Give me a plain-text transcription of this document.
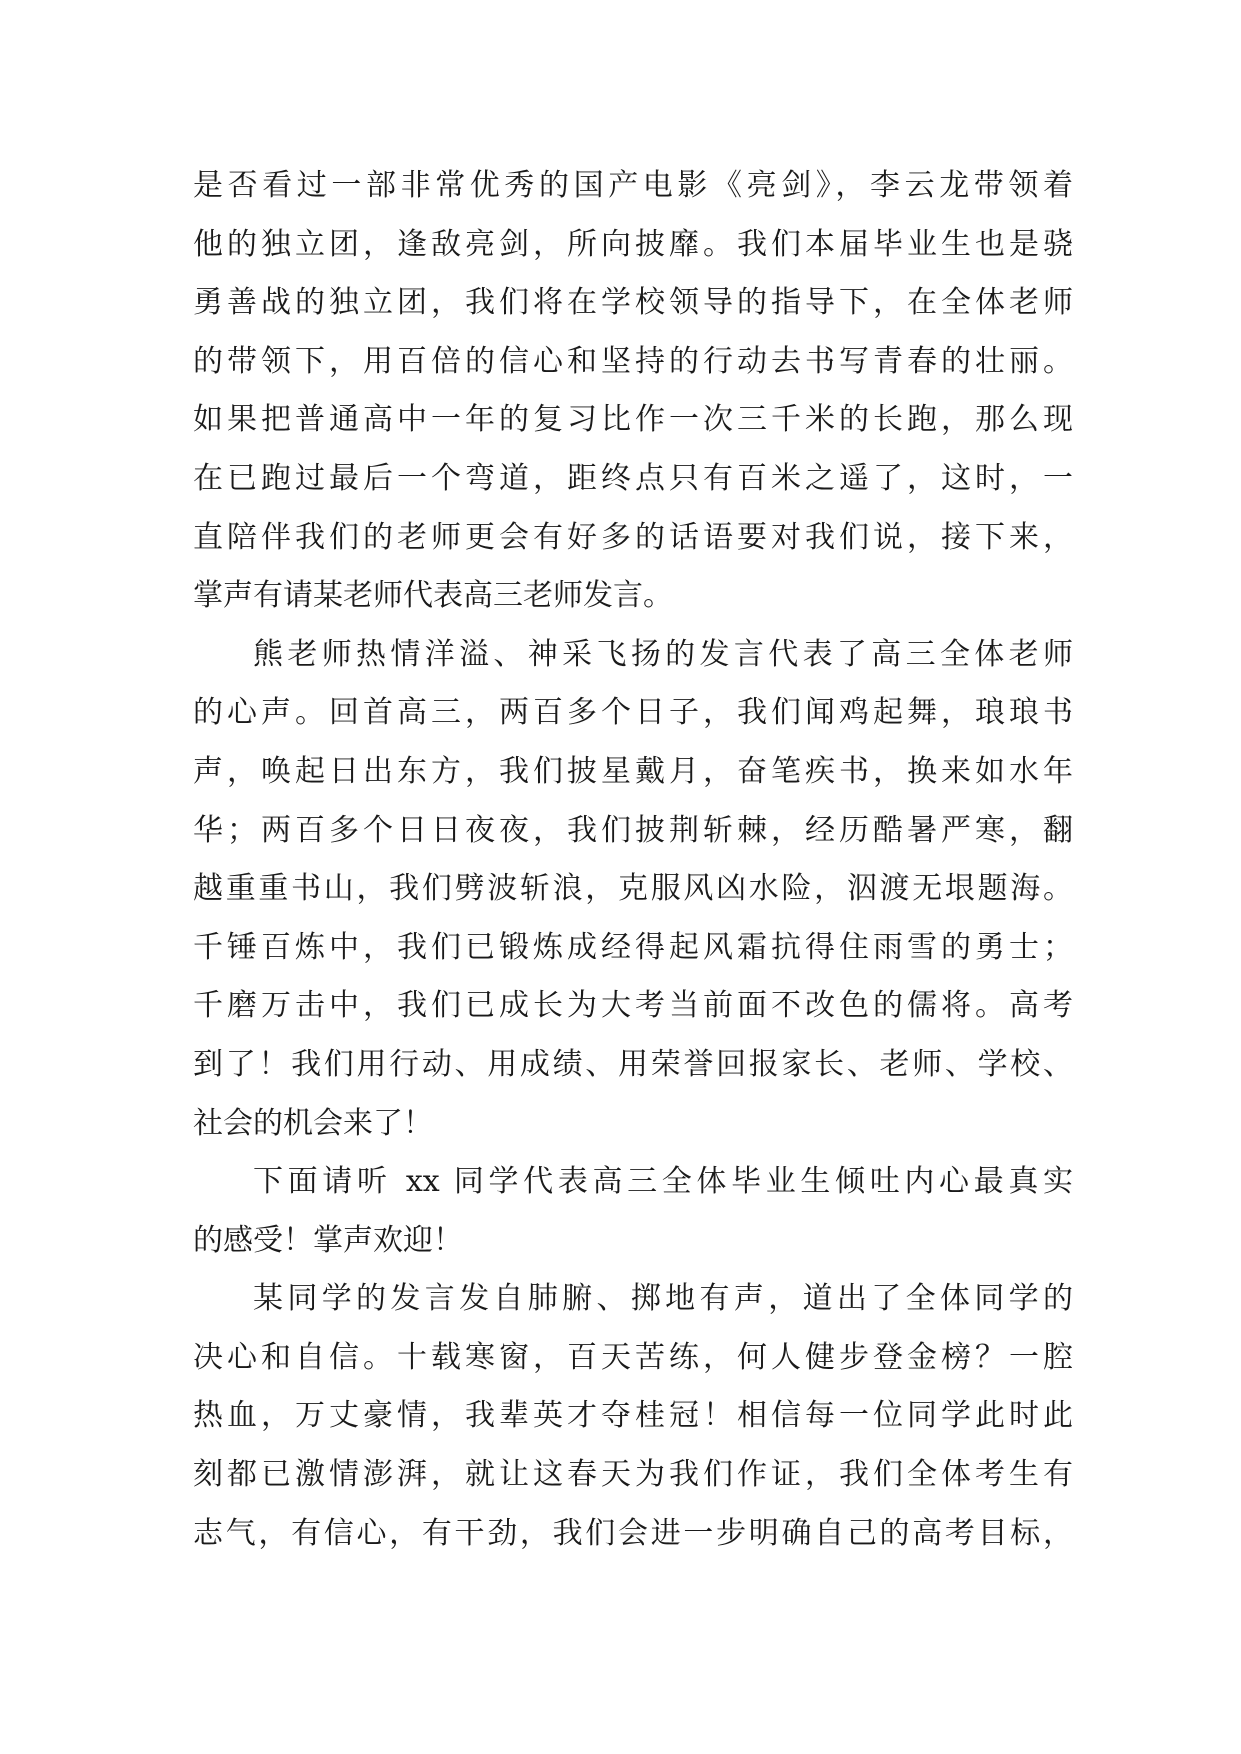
是否看过一部非常优秀的国产电影《亮剑》，李云龙带领着
他的独立团，逢敌亮剑，所向披靡。我们本届毕业生也是骁
勇善战的独立团，我们将在学校领导的指导下，在全体老师
的带领下，用百倍的信心和坚持的行动去书写青春的壮丽。
如果把普通高中一年的复习比作一次三千米的长跑，那么现
在已跑过最后一个弯道，距终点只有百米之遥了，这时，一
直陪伴我们的老师更会有好多的话语要对我们说，接下来，
掌声有请某老师代表高三老师发言。
熊老师热情洋溢、神采飞扬的发言代表了高三全体老师
的心声。回首高三，两百多个日子，我们闻鸡起舞，琅琅书
声，唤起日出东方，我们披星戴月，奋笔疾书，换来如水年
华；两百多个日日夜夜，我们披荆斩棘，经历酷暑严寒，翻
越重重书山，我们劈波斩浪，克服风凶水险，泅渡无垠题海。
千锤百炼中，我们已锻炼成经得起风霜抗得住雨雪的勇士；
千磨万击中，我们已成长为大考当前面不改色的儒将。高考
到了！我们用行动、用成绩、用荣誉回报家长、老师、学校、
社会的机会来了！
下面请听 xx 同学代表高三全体毕业生倾吐内心最真实
的感受！掌声欢迎！
某同学的发言发自肺腑、掷地有声，道出了全体同学的
决心和自信。十载寒窗，百天苦练，何人健步登金榜？一腔
热血，万丈豪情，我辈英才夺桂冠！相信每一位同学此时此
刻都已激情澎湃，就让这春天为我们作证，我们全体考生有
志气，有信心，有干劲，我们会进一步明确自己的高考目标，
